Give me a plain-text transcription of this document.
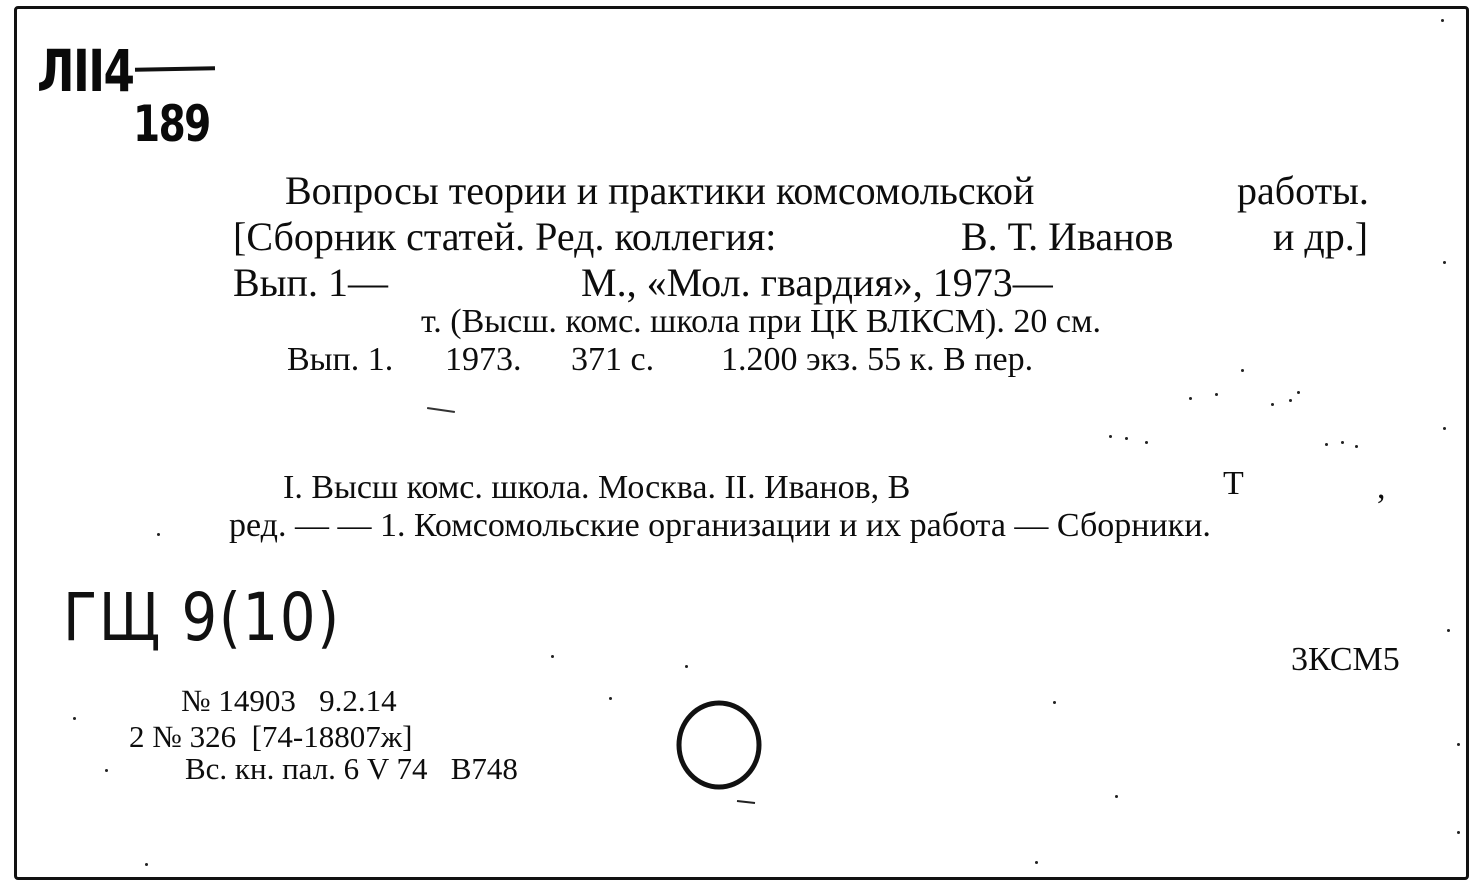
ЛII4
189
Вопросы теории и практики комсомольской	работы.
[Сборник статей. Ред. коллегия:	В. Т. Иванов и др.]
Вып. 1—	М., «Мол. гвардия», 1973—
т. (Высш. комс. школа при ЦК ВЛКСМ). 20 см.
Вып. 1. 1973. 371 с. 1.200 экз. 55 к. В пер.
I. Высш комс. школа. Москва. II. Иванов, В	Т	,
ред. — — 1. Комсомольские организации и их работа — Сборники.
ГЩ 9(10)
3КСМ5
№ 14903   9.2.14
2 № 326  [74-18807ж]
Вс. кн. пал. 6 V 74   В748
